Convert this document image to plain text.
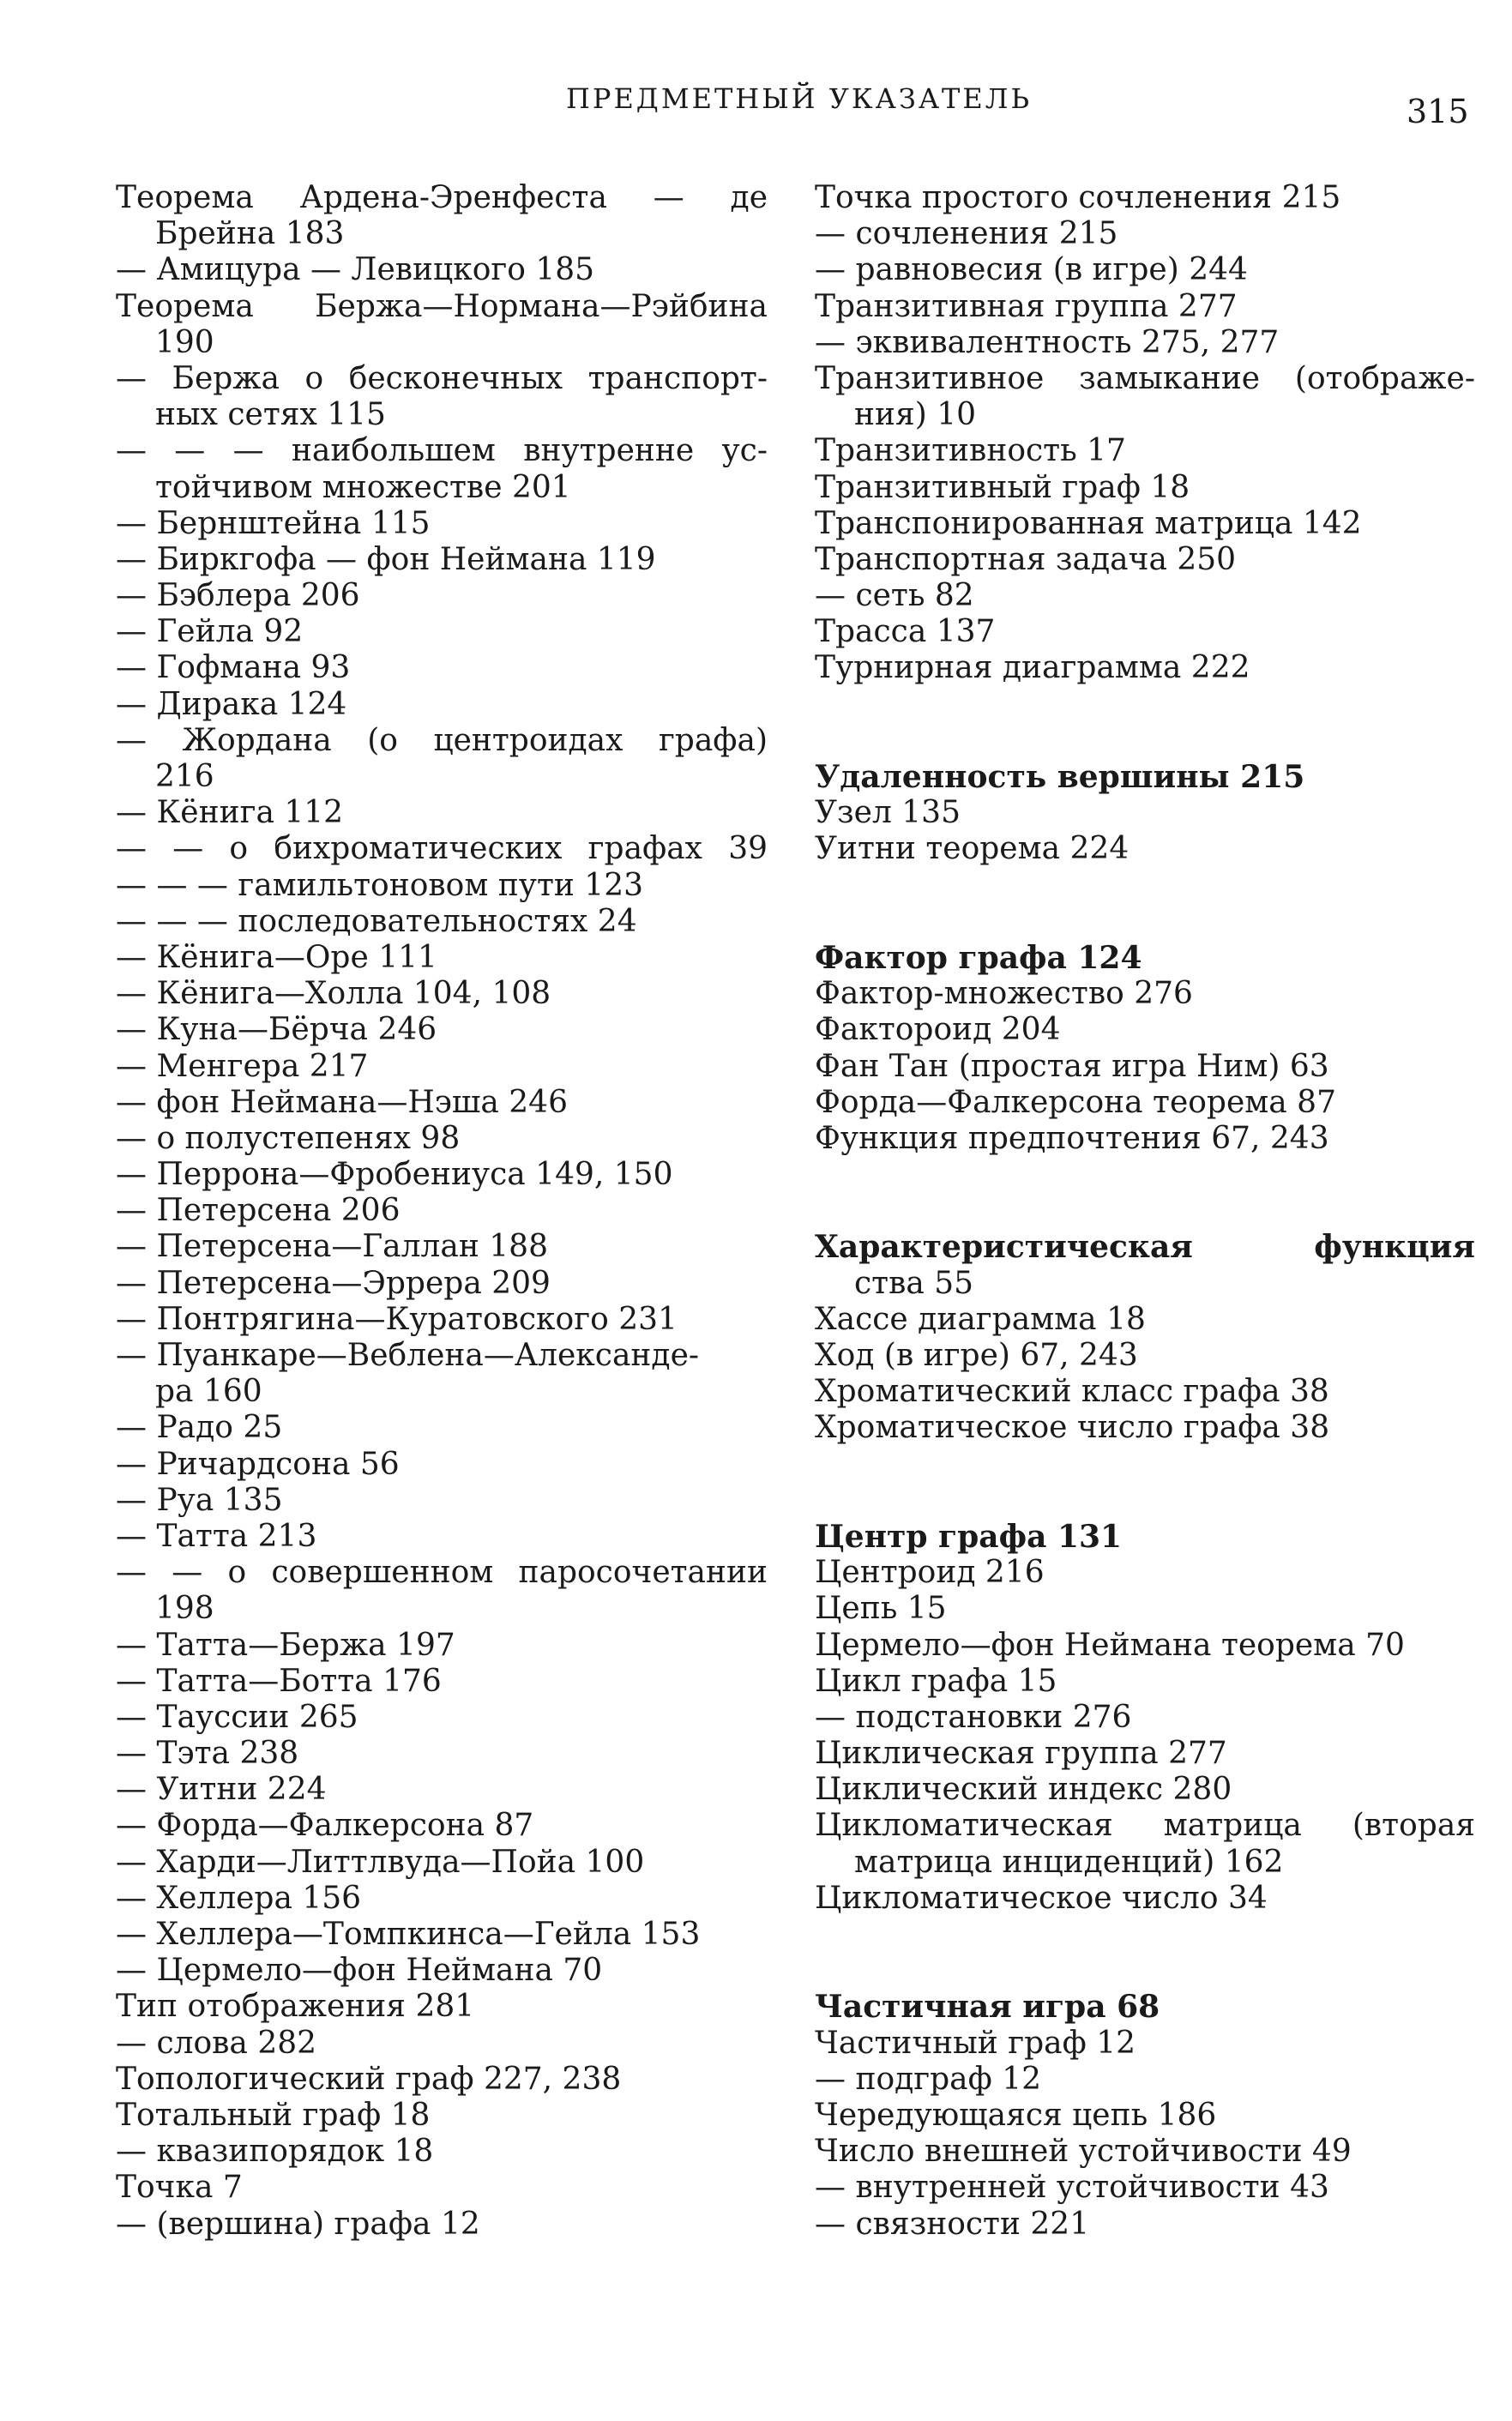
ПРЕДМЕТНЫЙ УКАЗАТЕЛЬ	315
Теорема Ардена-Эренфеста — де
Брейна 183
— Амицура — Левицкого 185
Теорема Бержа—Нормана—Рэйбина
190
— Бержа о бесконечных транспорт-
ных сетях 115
— — — наибольшем внутренне ус-
тойчивом множестве 201
— Бернштейна 115
— Биркгофа — фон Неймана 119
— Бэблера 206
— Гейла 92
— Гофмана 93
— Дирака 124
— Жордана (о центроидах графа)
216
— Кёнига 112
— — о бихроматических графах 39
— — — гамильтоновом пути 123
— — — последовательностях 24
— Кёнига—Оре 111
— Кёнига—Холла 104, 108
— Куна—Бёрча 246
— Менгера 217
— фон Неймана—Нэша 246
— о полустепенях 98
— Перрона—Фробениуса 149, 150
— Петерсена 206
— Петерсена—Галлан 188
— Петерсена—Эррера 209
— Понтрягина—Куратовского 231
— Пуанкаре—Веблена—Александе-
ра 160
— Радо 25
— Ричардсона 56
— Руа 135
— Татта 213
— — о совершенном паросочетании
198
— Татта—Бержа 197
— Татта—Ботта 176
— Тауссии 265
— Тэта 238
— Уитни 224
— Форда—Фалкерсона 87
— Харди—Литтлвуда—Пойа 100
— Хеллера 156
— Хеллера—Томпкинса—Гейла 153
— Цермело—фон Неймана 70
Тип отображения 281
— слова 282
Топологический граф 227, 238
Тотальный граф 18
— квазипорядок 18
Точка 7
— (вершина) графа 12
Точка простого сочленения 215
— сочленения 215
— равновесия (в игре) 244
Транзитивная группа 277
— эквивалентность 275, 277
Транзитивное замыкание (отображе-
ния) 10
Транзитивность 17
Транзитивный граф 18
Транспонированная матрица 142
Транспортная задача 250
— сеть 82
Трасса 137
Турнирная диаграмма 222
Удаленность вершины 215
Узел 135
Уитни теорема 224
Фактор графа 124
Фактор-множество 276
Фактороид 204
Фан Тан (простая игра Ним) 63
Форда—Фалкерсона теорема 87
Функция предпочтения 67, 243
Характеристическая функция
ства 55
Хассе диаграмма 18
Ход (в игре) 67, 243
Хроматический класс графа 38
Хроматическое число графа 38
Центр графа 131
Центроид 216
Цепь 15
Цермело—фон Неймана теорема 70
Цикл графа 15
— подстановки 276
Циклическая группа 277
Циклический индекс 280
Цикломатическая матрица (вторая
матрица инциденций) 162
Цикломатическое число 34
Частичная игра 68
Частичный граф 12
— подграф 12
Чередующаяся цепь 186
Число внешней устойчивости 49
— внутренней устойчивости 43
— связности 221
